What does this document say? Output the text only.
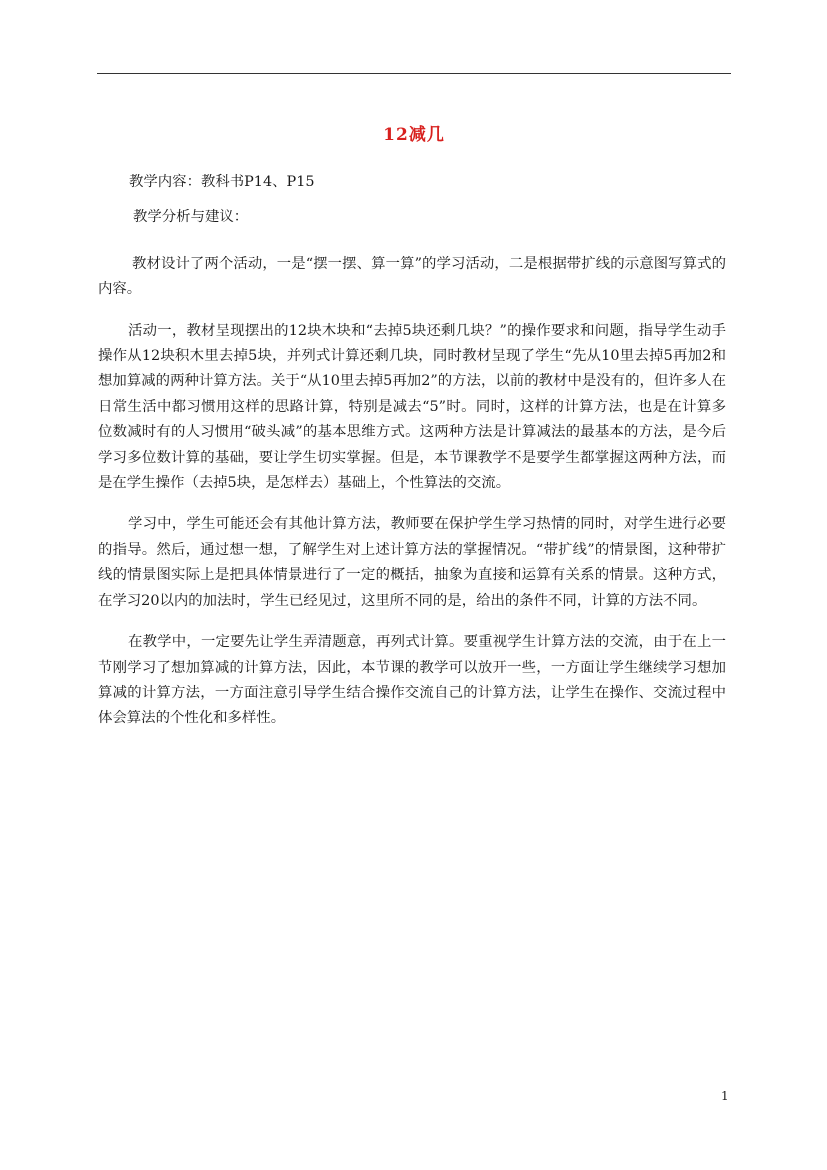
12减几

教学内容：教科书P14、P15

教学分析与建议：

教材设计了两个活动，一是“摆一摆、算一算”的学习活动，二是根据带扩线的示意图写算式的内容。

活动一，教材呈现摆出的12块木块和“去掉5块还剩几块？”的操作要求和问题，指导学生动手操作从12块积木里去掉5块，并列式计算还剩几块，同时教材呈现了学生“先从10里去掉5再加2和想加算减的两种计算方法。关于“从10里去掉5再加2”的方法，以前的教材中是没有的，但许多人在日常生活中都习惯用这样的思路计算，特别是减去“5”时。同时，这样的计算方法，也是在计算多位数减时有的人习惯用“破头减”的基本思维方式。这两种方法是计算减法的最基本的方法，是今后学习多位数计算的基础，要让学生切实掌握。但是，本节课教学不是要学生都掌握这两种方法，而是在学生操作（去掉5块，是怎样去）基础上，个性算法的交流。

学习中，学生可能还会有其他计算方法，教师要在保护学生学习热情的同时，对学生进行必要的指导。然后，通过想一想，了解学生对上述计算方法的掌握情况。“带扩线”的情景图，这种带扩线的情景图实际上是把具体情景进行了一定的概括，抽象为直接和运算有关系的情景。这种方式，在学习20以内的加法时，学生已经见过，这里所不同的是，给出的条件不同，计算的方法不同。

在教学中，一定要先让学生弄清题意，再列式计算。要重视学生计算方法的交流，由于在上一节刚学习了想加算减的计算方法，因此，本节课的教学可以放开一些，一方面让学生继续学习想加算减的计算方法，一方面注意引导学生结合操作交流自己的计算方法，让学生在操作、交流过程中体会算法的个性化和多样性。

1
